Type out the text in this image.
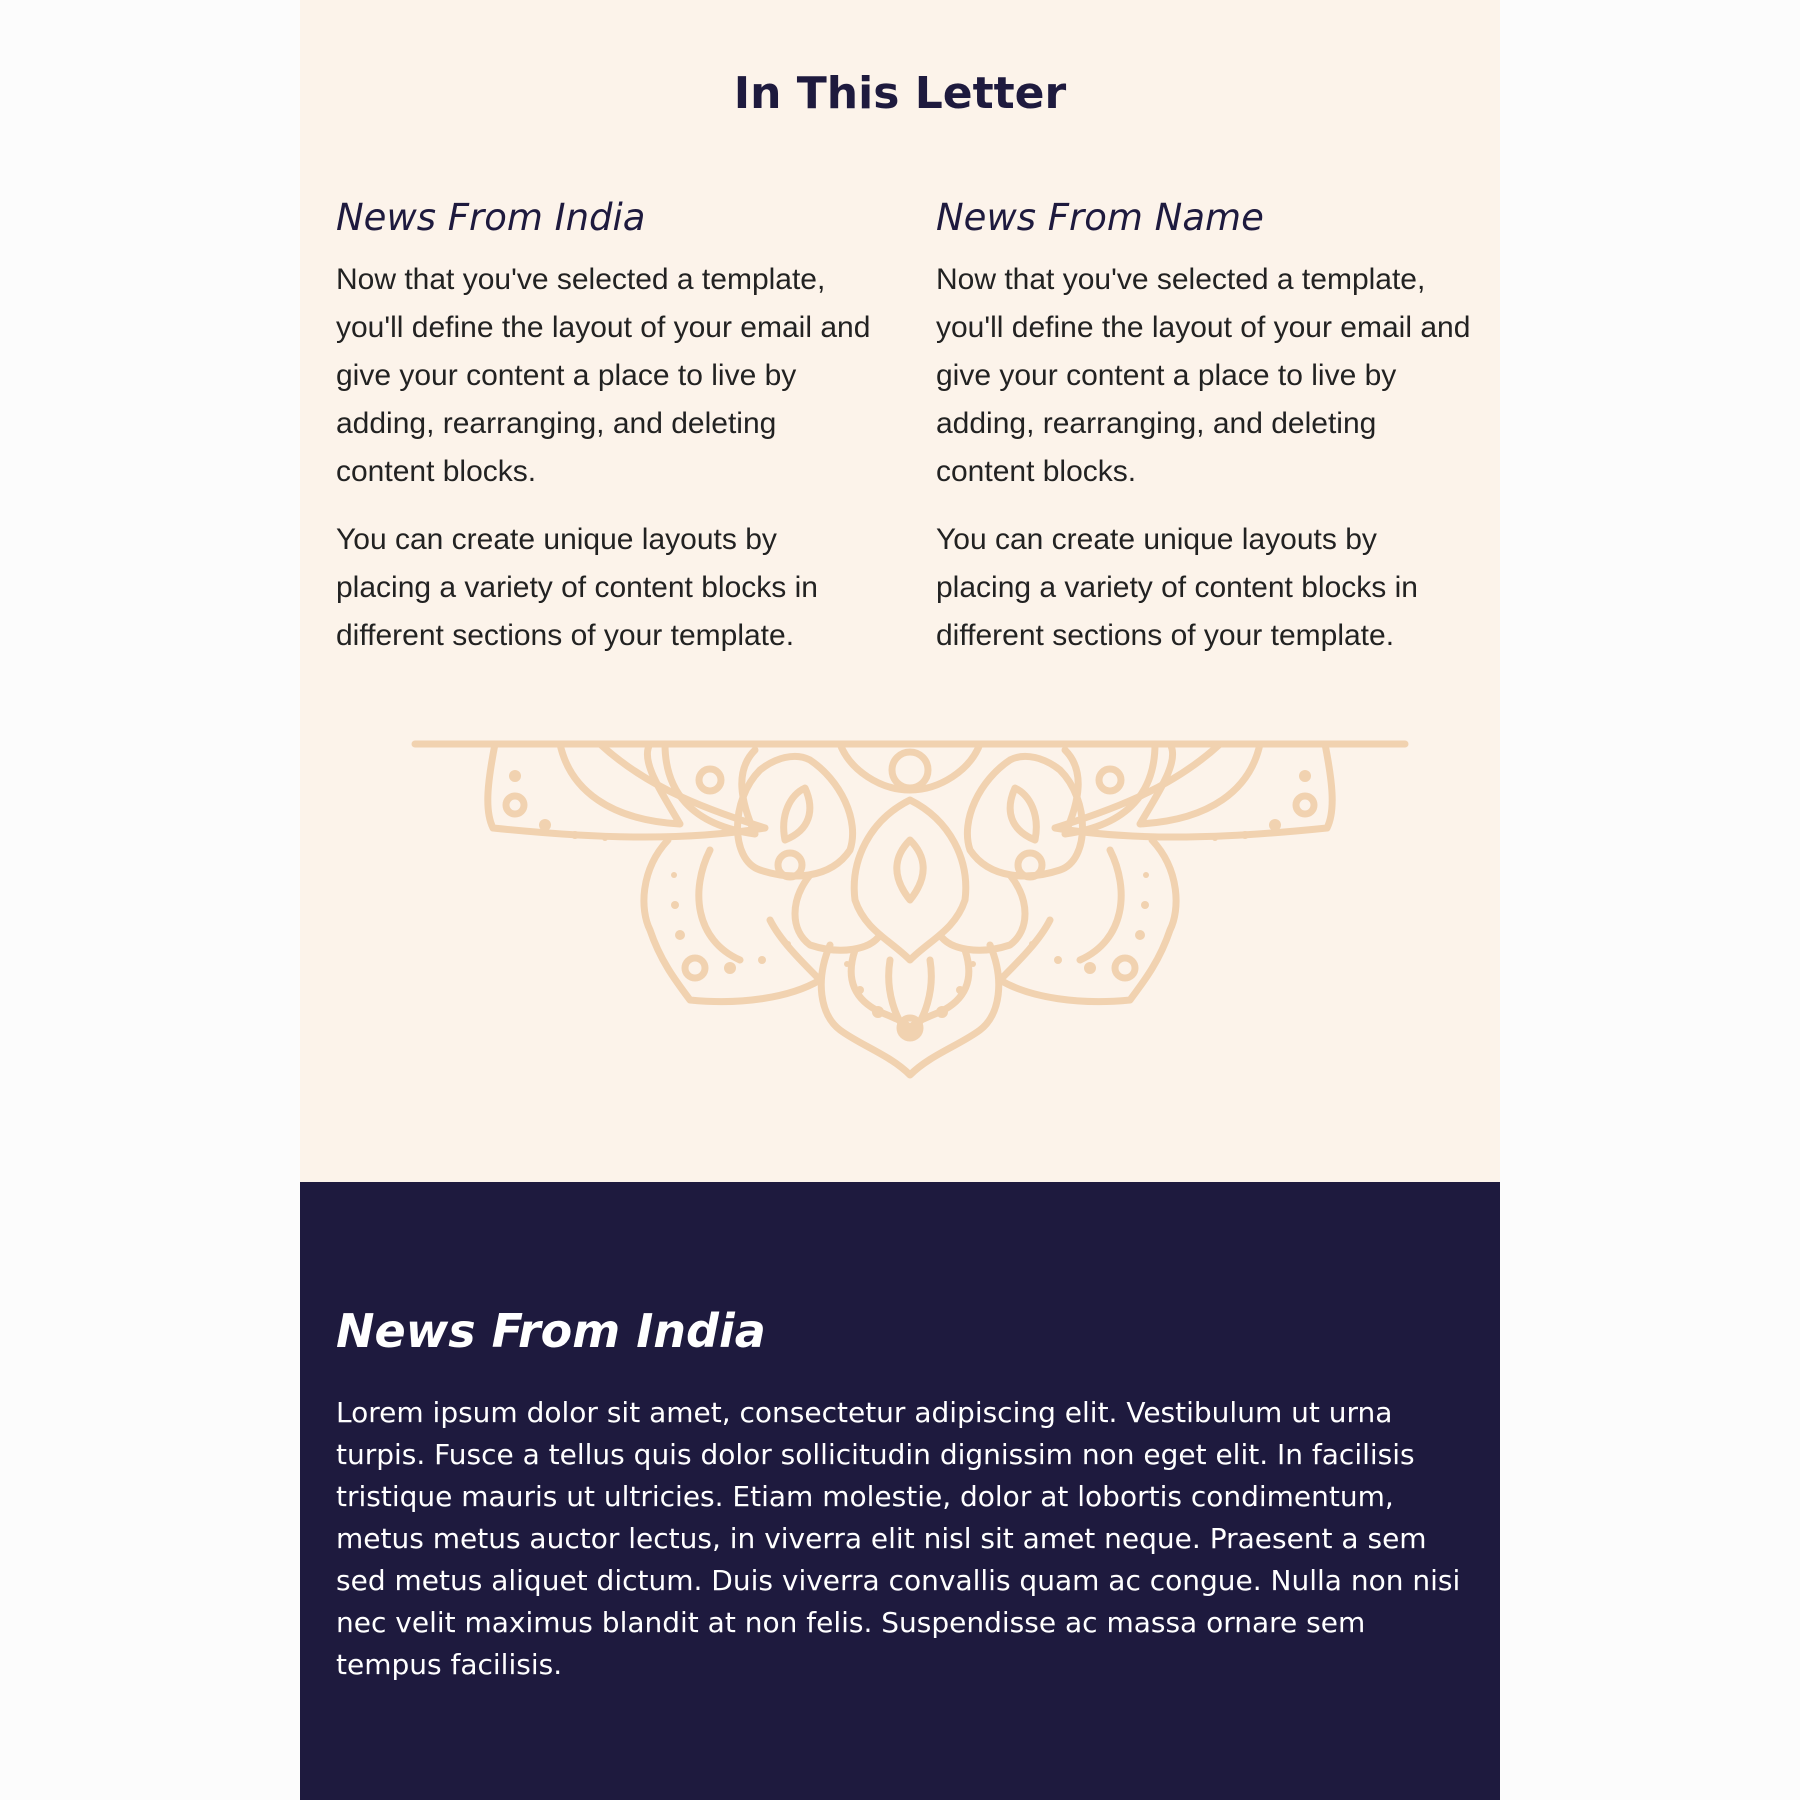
In This Letter
News From India

Now that you've selected a template, you'll define the layout of your email and give your content a place to live by adding, rearranging, and deleting content blocks.

You can create unique layouts by placing a variety of content blocks in different sections of your template.

News From Name

Now that you've selected a template, you'll define the layout of your email and give your content a place to live by adding, rearranging, and deleting content blocks.

You can create unique layouts by placing a variety of content blocks in different sections of your template.

News From India

Lorem ipsum dolor sit amet, consectetur adipiscing elit. Vestibulum ut urna turpis. Fusce a tellus quis dolor sollicitudin dignissim non eget elit. In facilisis tristique mauris ut ultricies. Etiam molestie, dolor at lobortis condimentum, metus metus auctor lectus, in viverra elit nisl sit amet neque. Praesent a sem sed metus aliquet dictum. Duis viverra convallis quam ac congue. Nulla non nisi nec velit maximus blandit at non felis. Suspendisse ac massa ornare sem tempus facilisis.
